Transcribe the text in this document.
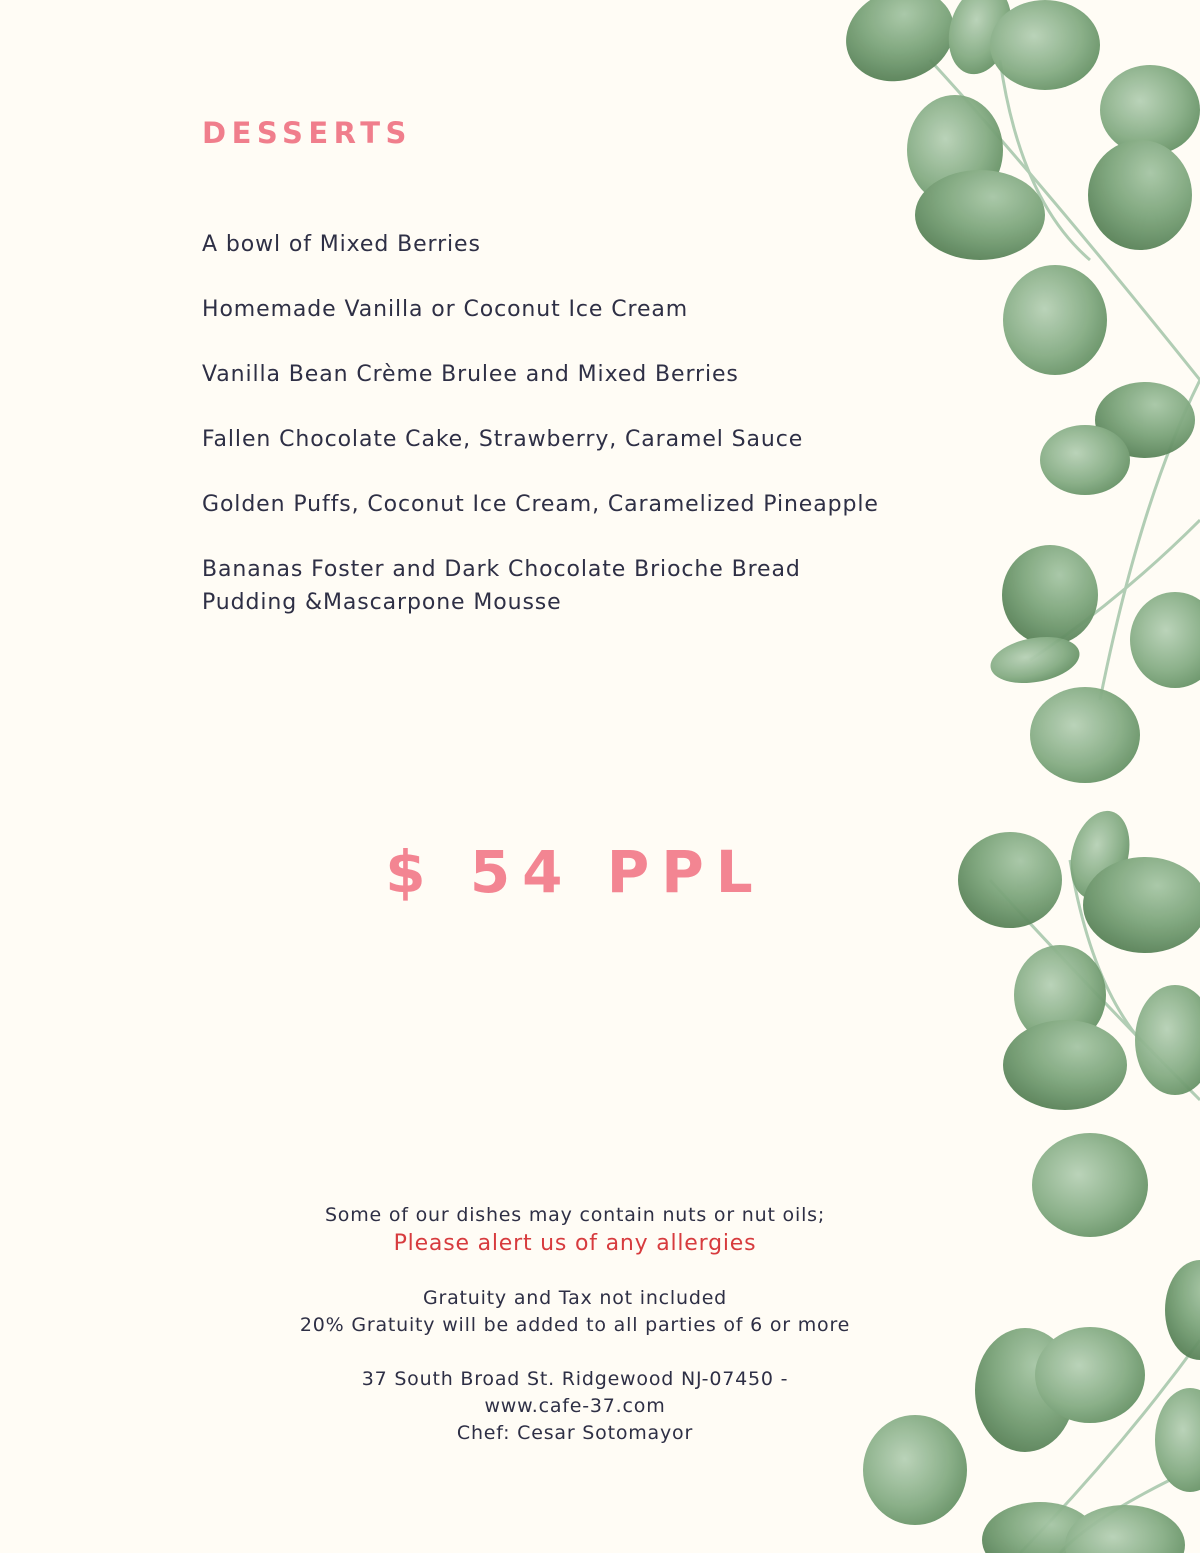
DESSERTS
A bowl of Mixed Berries
Homemade Vanilla or Coconut Ice Cream
Vanilla Bean Crème Brulee and Mixed Berries
Fallen Chocolate Cake, Strawberry, Caramel Sauce
Golden Puffs, Coconut Ice Cream, Caramelized Pineapple
Bananas Foster and Dark Chocolate Brioche Bread Pudding &Mascarpone Mousse
$ 54 PPL

Some of our dishes may contain nuts or nut oils;

Please alert us of any allergies

Gratuity and Tax not included

20% Gratuity will be added to all parties of 6 or more

37 South Broad St. Ridgewood NJ-07450 -

www.cafe-37.com

Chef: Cesar Sotomayor
